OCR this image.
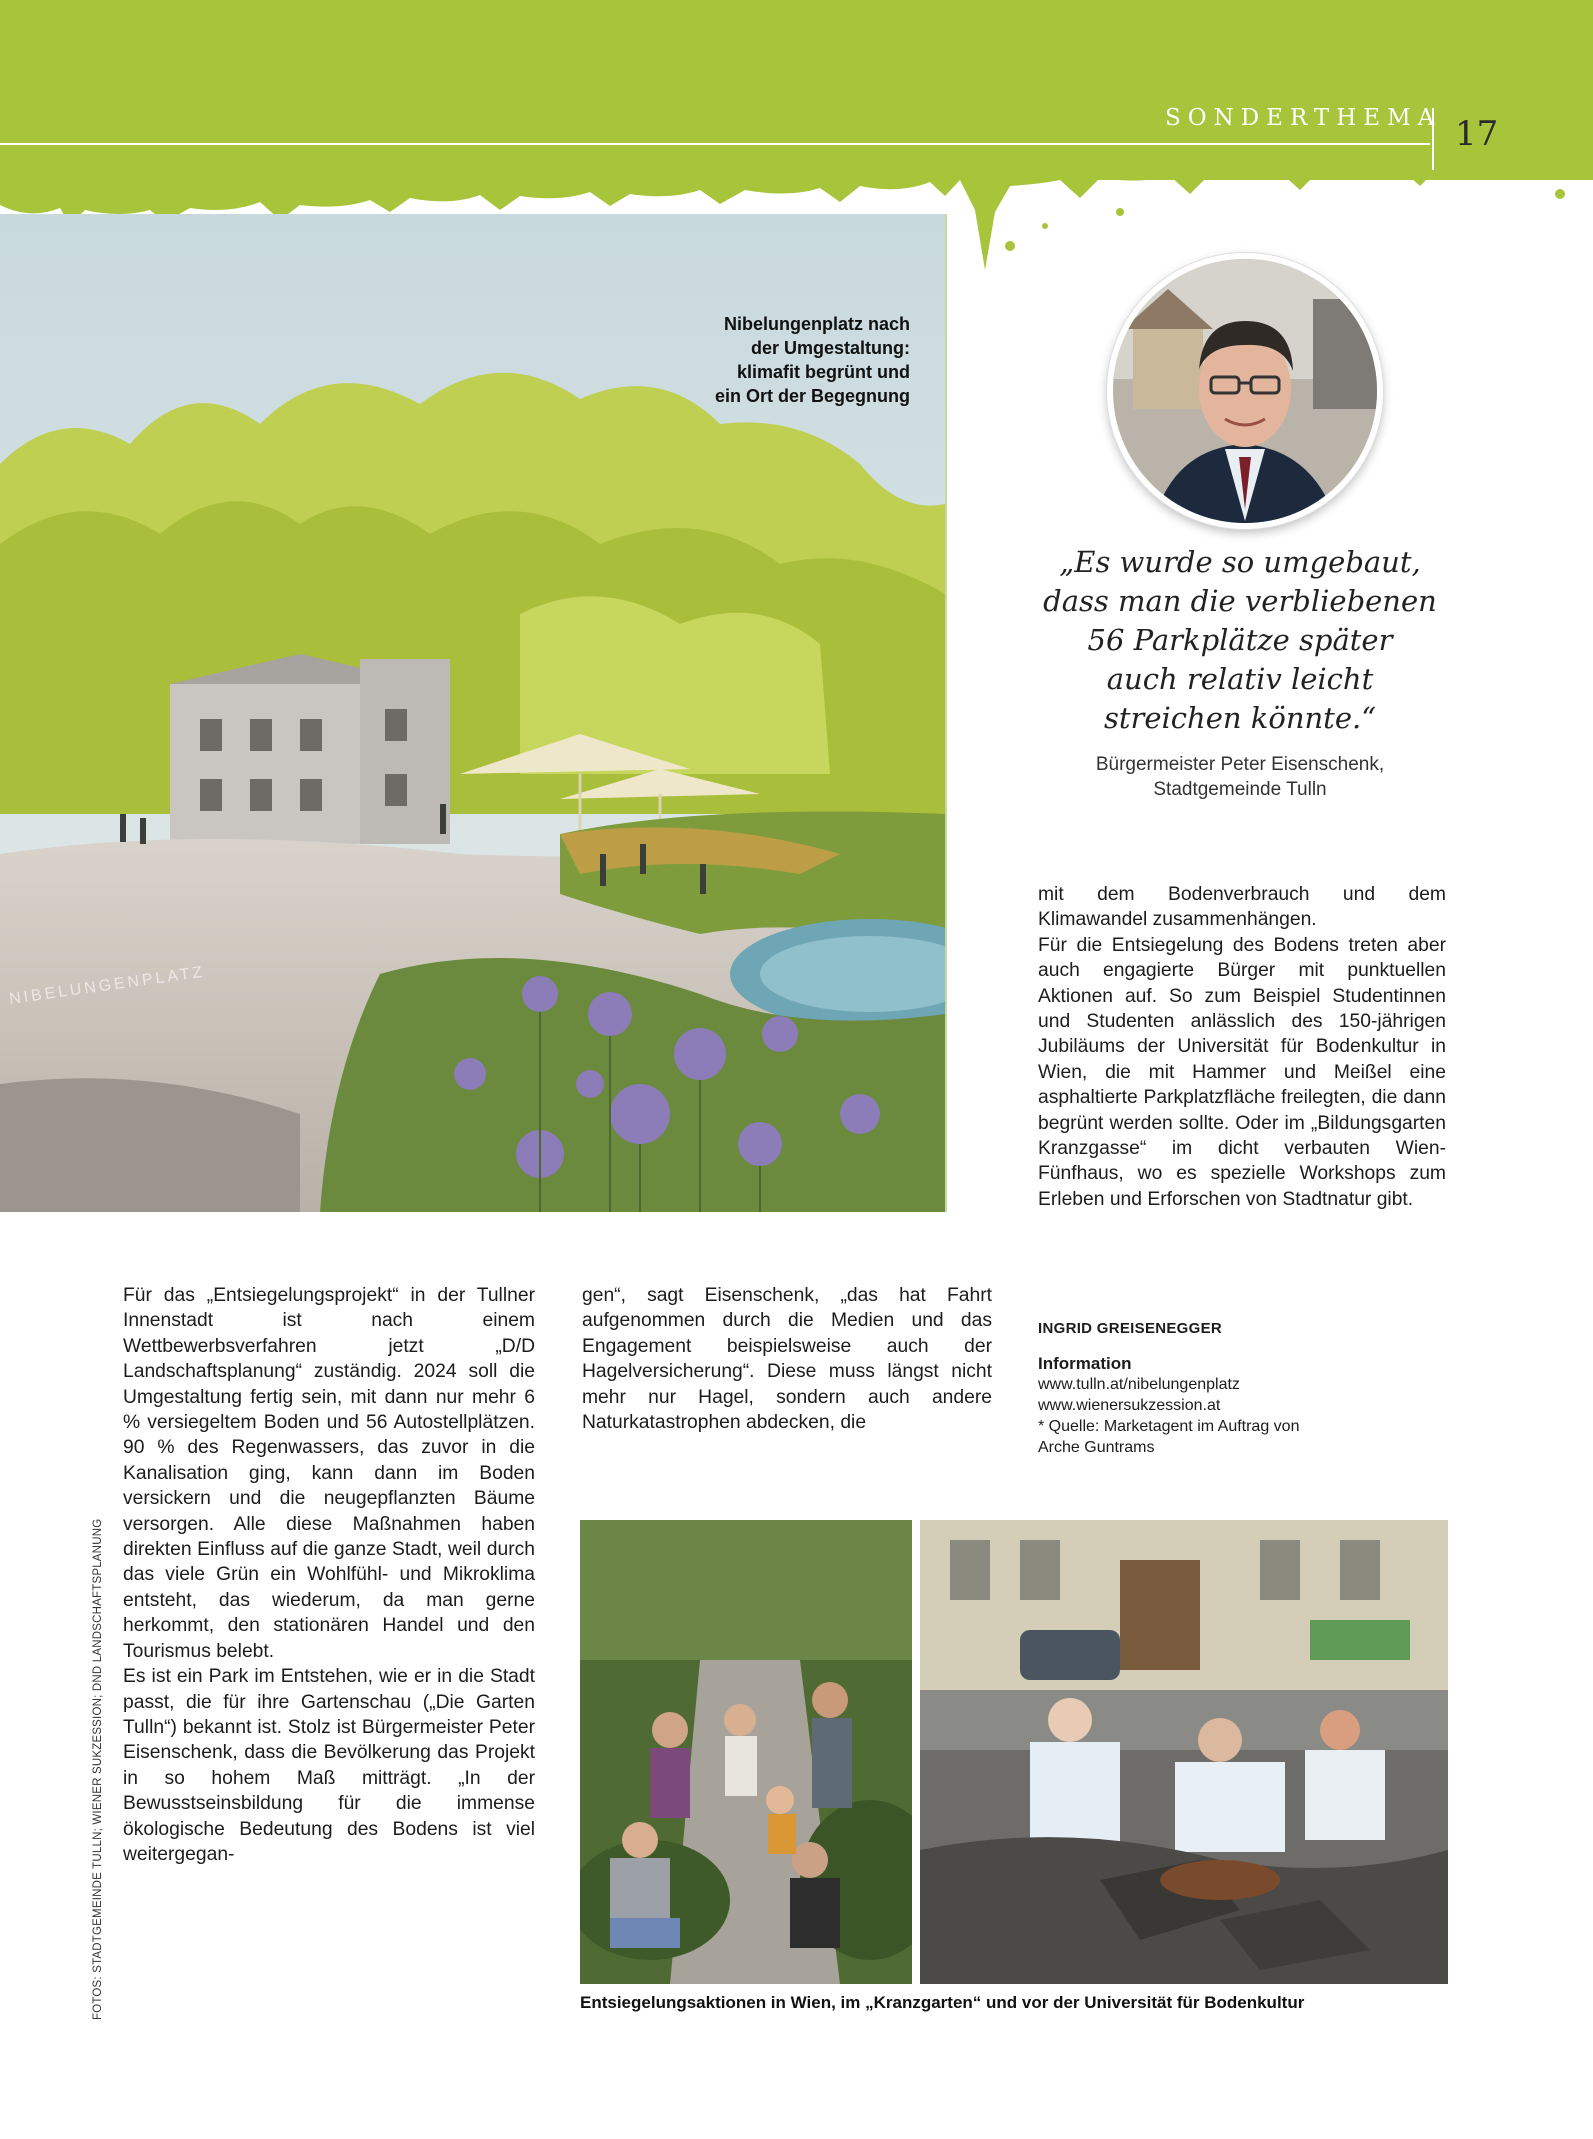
SONDERTHEMA 17
NIBELUNGENPLATZ
Nibelungenplatz nach
der Umgestaltung:
klimafit begrünt und
ein Ort der Begegnung
„Es wurde so umgebaut,
dass man die verbliebenen
56 Parkplätze später
auch relativ leicht
streichen könnte.“
Bürgermeister Peter Eisenschenk,
Stadtgemeinde Tulln

mit dem Bodenverbrauch und dem Klimawandel zusammenhängen.

Für die Entsiegelung des Bodens treten aber auch engagierte Bürger mit punktuellen Aktionen auf. So zum Beispiel Studentinnen und Studenten anlässlich des 150-jährigen Jubiläums der Universität für Bodenkultur in Wien, die mit Hammer und Meißel eine asphaltierte Parkplatzfläche freilegten, die dann begrünt werden sollte. Oder im „Bildungsgarten Kranzgasse“ im dicht verbauten Wien-Fünfhaus, wo es spezielle Workshops zum Erleben und Erforschen von Stadtnatur gibt.

INGRID GREISENEGGER
Information
www.tulln.at/nibelungenplatz
www.wienersukzession.at
* Quelle: Marketagent im Auftrag von
Arche Guntrams

Für das „Entsiegelungsprojekt“ in der Tullner Innenstadt ist nach einem Wettbewerbsverfahren jetzt „D/D Landschaftsplanung“ zuständig. 2024 soll die Umgestaltung fertig sein, mit dann nur mehr 6 % versiegeltem Boden und 56 Autostellplätzen. 90 % des Regenwassers, das zuvor in die Kanalisation ging, kann dann im Boden versickern und die neugepflanzten Bäume versorgen. Alle diese Maßnahmen haben direkten Einfluss auf die ganze Stadt, weil durch das viele Grün ein Wohlfühl- und Mikroklima entsteht, das wiederum, da man gerne herkommt, den stationären Handel und den Tourismus belebt.

Es ist ein Park im Entstehen, wie er in die Stadt passt, die für ihre Gartenschau („Die Garten Tulln“) bekannt ist. Stolz ist Bürgermeister Peter Eisenschenk, dass die Bevölkerung das Projekt in so hohem Maß mitträgt. „In der Bewusstseinsbildung für die immense ökologische Bedeutung des Bodens ist viel weitergegan-

gen“, sagt Eisenschenk, „das hat Fahrt aufgenommen durch die Medien und das Engagement beispielsweise auch der Hagelversicherung“. Diese muss längst nicht mehr nur Hagel, sondern auch andere Naturkatastrophen abdecken, die

FOTOS: STADTGEMEINDE TULLN; WIENER SUKZESSION; DND LANDSCHAFTSPLANUNG	Entsiegelungsaktionen in Wien, im „Kranzgarten“ und vor der Universität für Bodenkultur
